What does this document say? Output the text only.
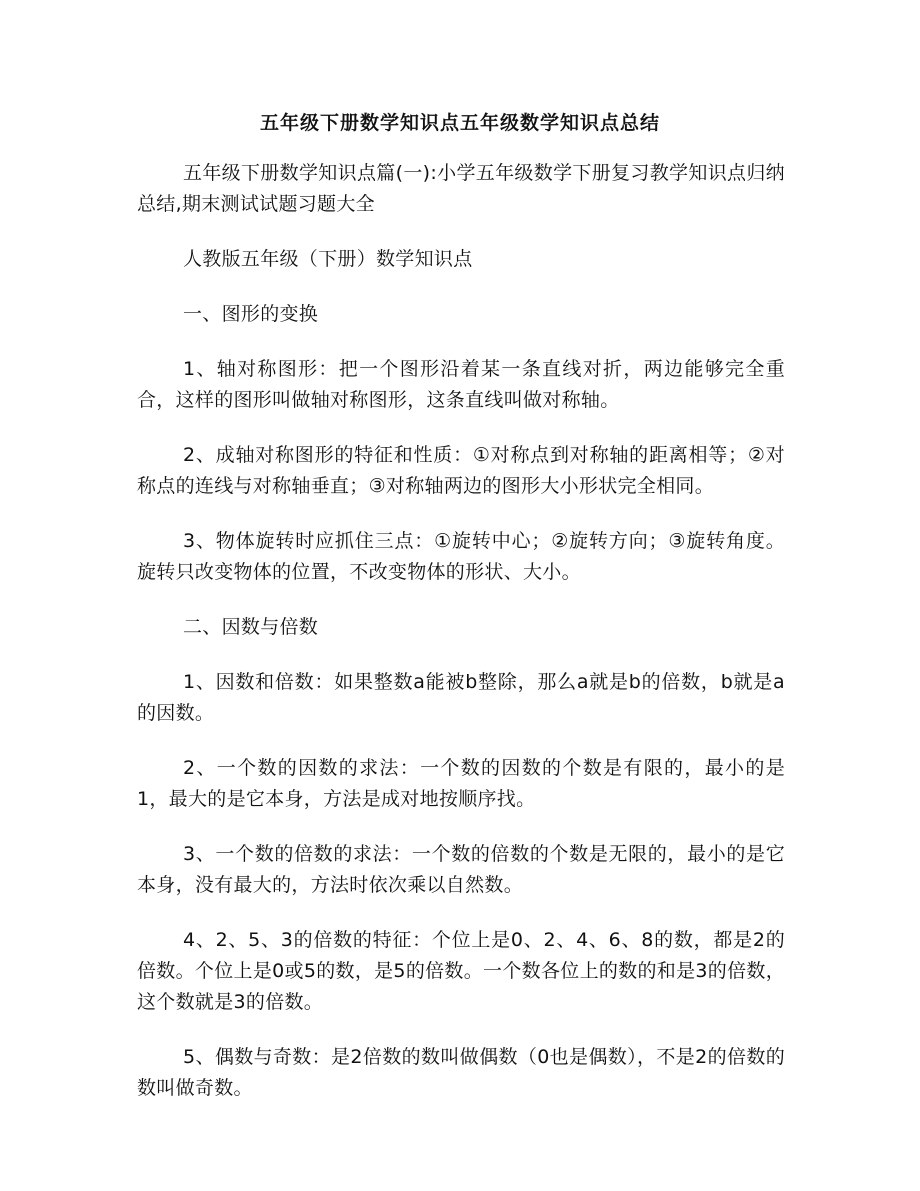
五年级下册数学知识点五年级数学知识点总结

五年级下册数学知识点篇(一):小学五年级数学下册复习教学知识点归纳总结,期末测试试题习题大全

人教版五年级（下册）数学知识点

一、图形的变换

1、轴对称图形：把一个图形沿着某一条直线对折，两边能够完全重合，这样的图形叫做轴对称图形，这条直线叫做对称轴。

2、成轴对称图形的特征和性质：①对称点到对称轴的距离相等；②对称点的连线与对称轴垂直；③对称轴两边的图形大小形状完全相同。

3、物体旋转时应抓住三点：①旋转中心；②旋转方向；③旋转角度。旋转只改变物体的位置，不改变物体的形状、大小。

二、因数与倍数

1、因数和倍数：如果整数a能被b整除，那么a就是b的倍数，b就是a的因数。

2、一个数的因数的求法：一个数的因数的个数是有限的，最小的是1，最大的是它本身，方法是成对地按顺序找。

3、一个数的倍数的求法：一个数的倍数的个数是无限的，最小的是它本身，没有最大的，方法时依次乘以自然数。

4、2、5、3的倍数的特征：个位上是0、2、4、6、8的数，都是2的倍数。个位上是0或5的数，是5的倍数。一个数各位上的数的和是3的倍数，这个数就是3的倍数。

5、偶数与奇数：是2倍数的数叫做偶数（0也是偶数），不是2的倍数的数叫做奇数。
